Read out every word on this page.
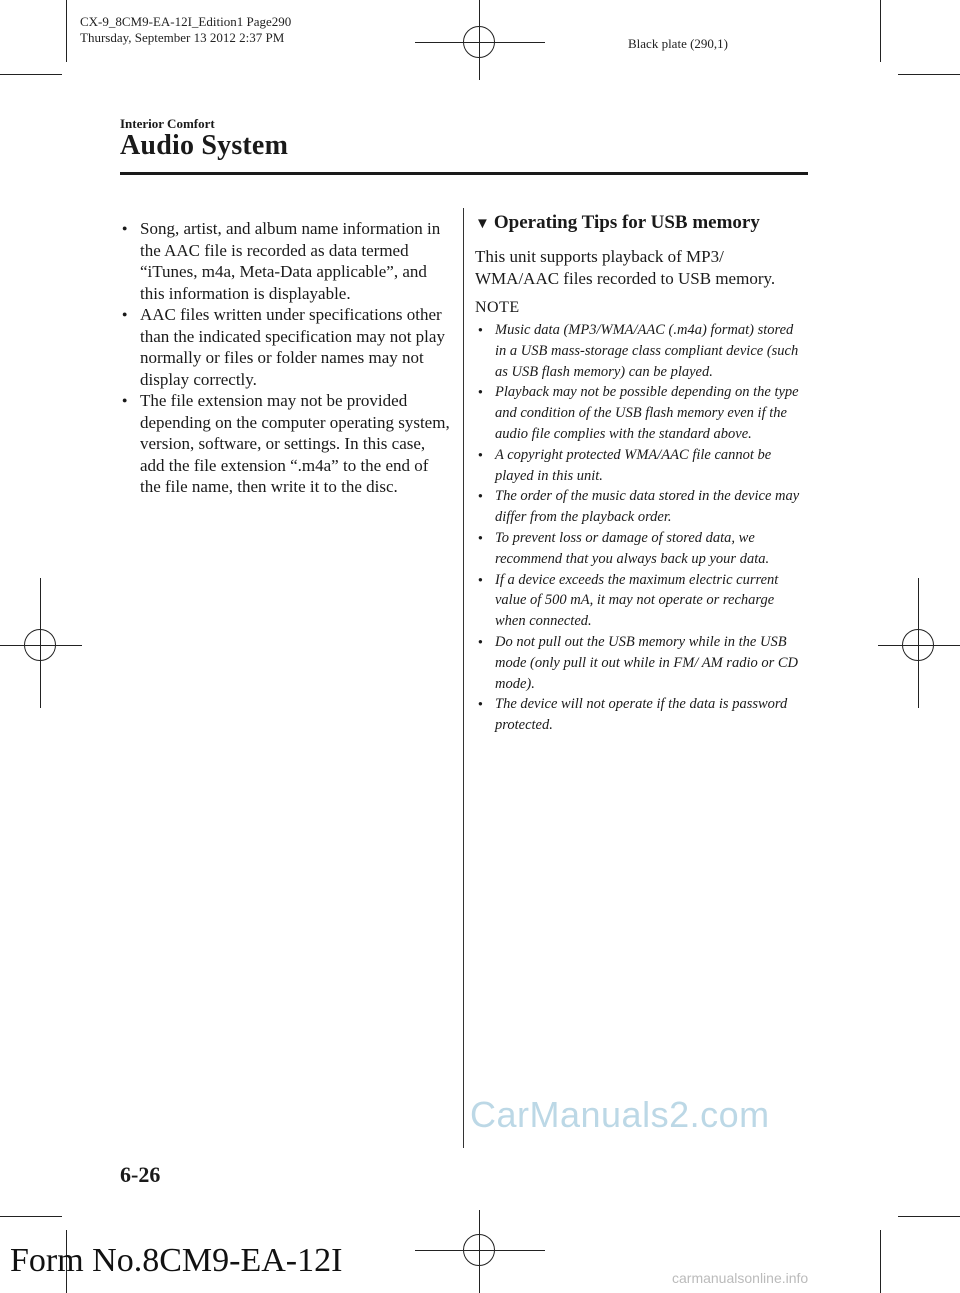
CX-9_8CM9-EA-12I_Edition1 Page290
Thursday, September 13 2012 2:37 PM	Black plate (290,1)
Interior Comfort
Audio System
● Song, artist, and album name information in the AAC file is recorded as data termed “iTunes, m4a, Meta-Data applicable”, and this information is displayable.
● AAC files written under specifications other than the indicated specification may not play normally or files or folder names may not display correctly.
● The file extension may not be provided depending on the computer operating system, version, software, or settings. In this case, add the file extension “.m4a” to the end of the file name, then write it to the disc.
▼ Operating Tips for USB memory

This unit supports playback of MP3/ WMA/AAC files recorded to USB memory.

NOTE
● Music data (MP3/WMA/AAC (.m4a) format) stored in a USB mass-storage class compliant device (such as USB flash memory) can be played.
● Playback may not be possible depending on the type and condition of the USB flash memory even if the audio file complies with the standard above.
● A copyright protected WMA/AAC file cannot be played in this unit.
● The order of the music data stored in the device may differ from the playback order.
● To prevent loss or damage of stored data, we recommend that you always back up your data.
● If a device exceeds the maximum electric current value of 500 mA, it may not operate or recharge when connected.
● Do not pull out the USB memory while in the USB mode (only pull it out while in FM/ AM radio or CD mode).
● The device will not operate if the data is password protected.
CarManuals2.com
6-26
Form No.8CM9-EA-12I	carmanualsonline.info
